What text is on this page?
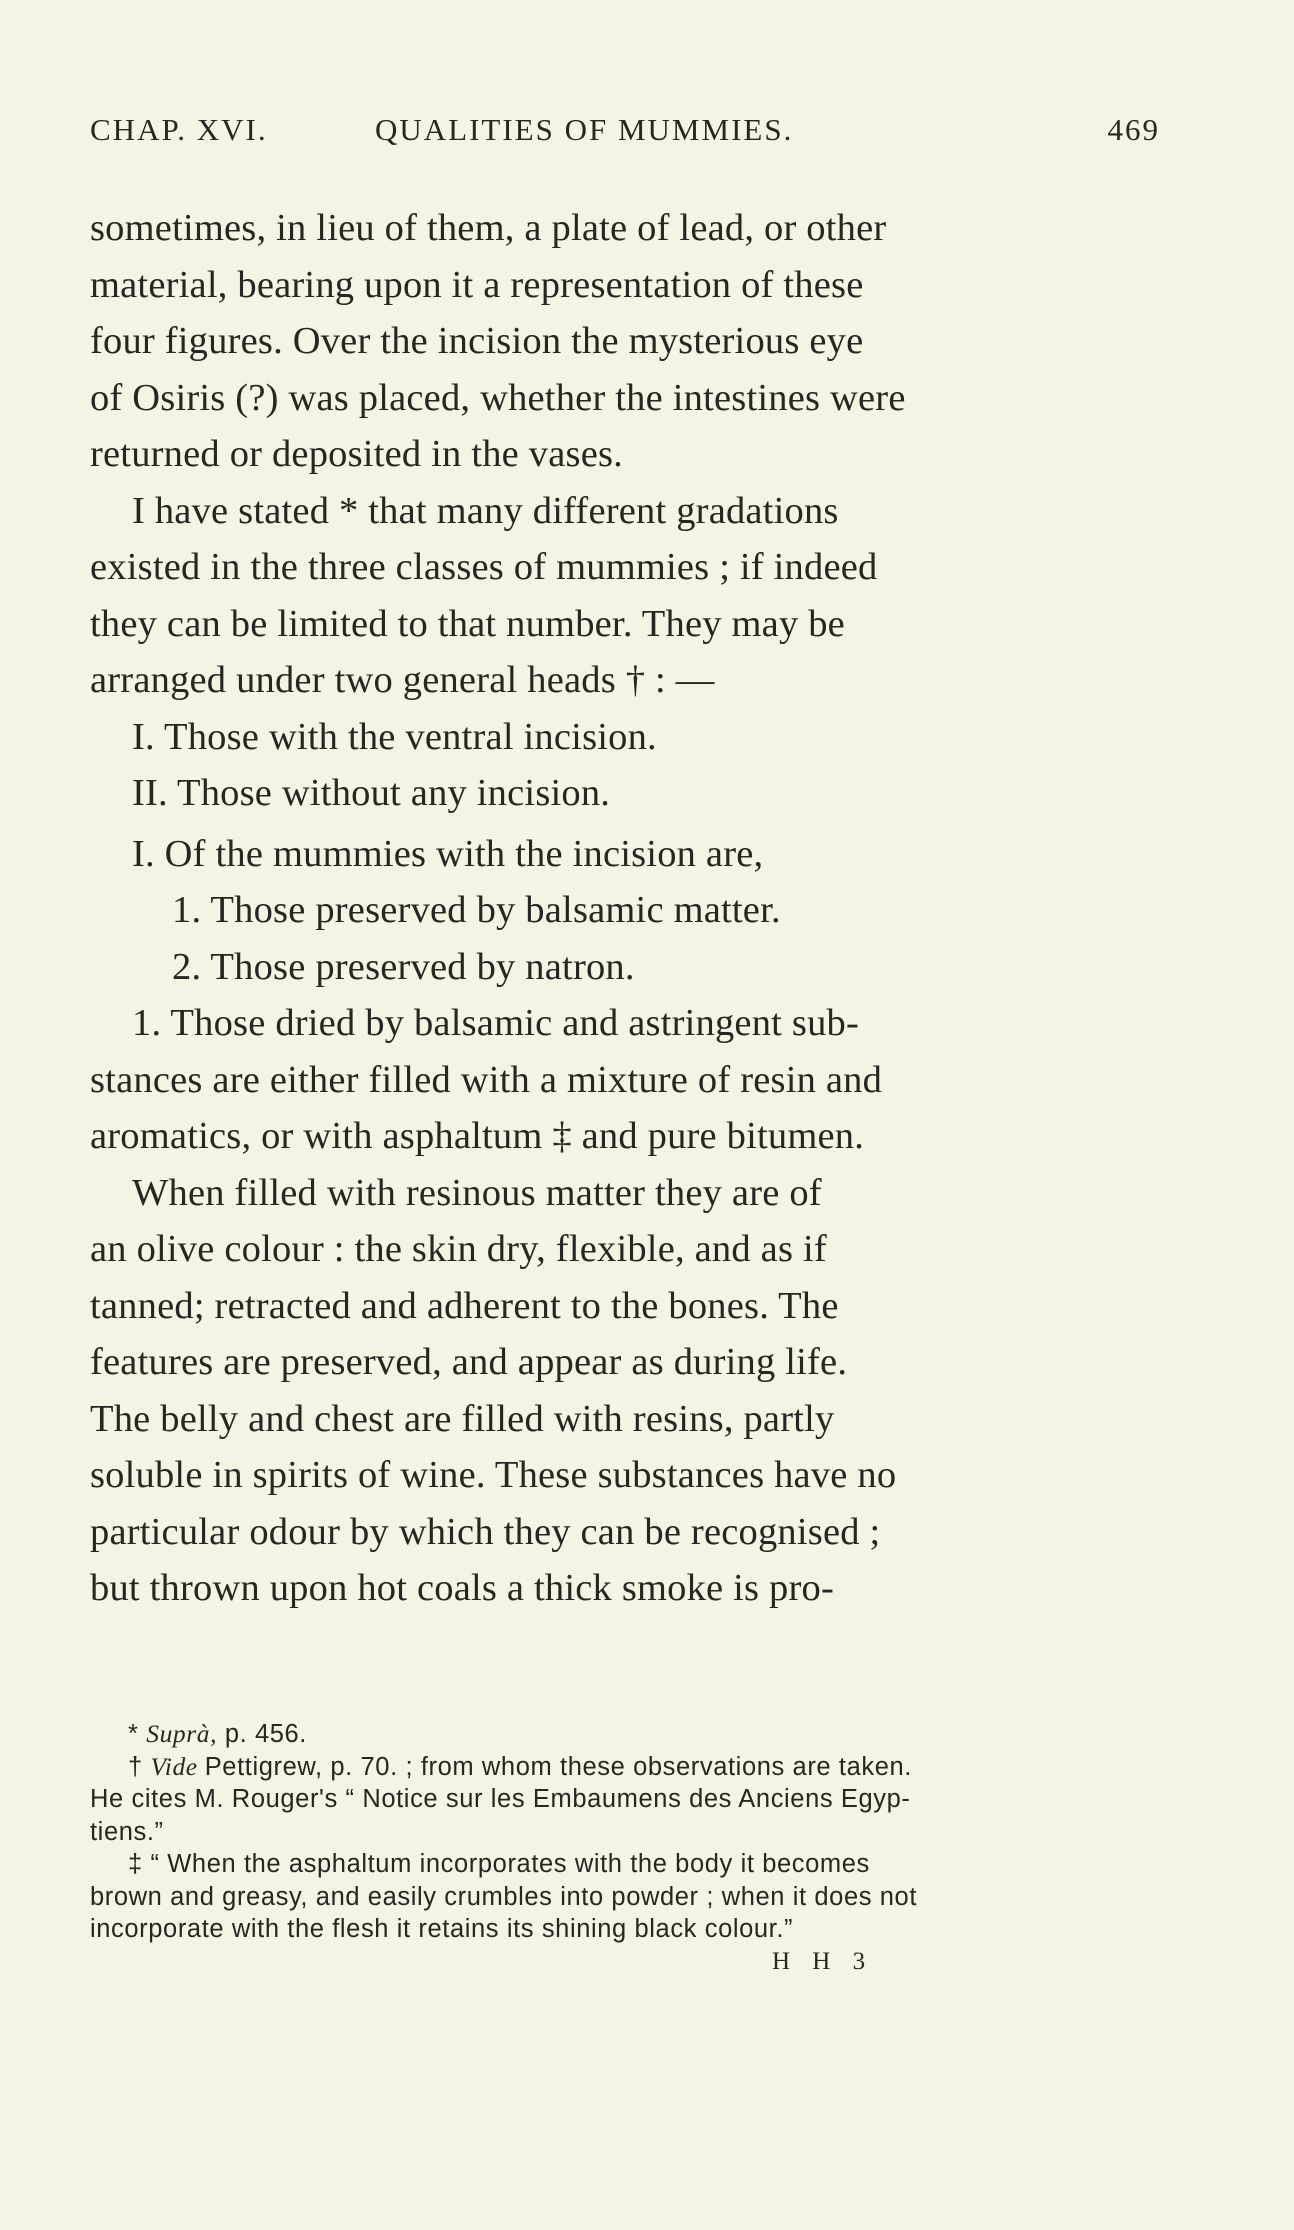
CHAP. XVI.	QUALITIES OF MUMMIES.	469
sometimes, in lieu of them, a plate of lead, or other
material, bearing upon it a representation of these
four figures. Over the incision the mysterious eye
of Osiris (?) was placed, whether the intestines were
returned or deposited in the vases.
I have stated * that many different gradations
existed in the three classes of mummies ; if indeed
they can be limited to that number. They may be
arranged under two general heads † : —
I. Those with the ventral incision.
II. Those without any incision.
I. Of the mummies with the incision are,
1. Those preserved by balsamic matter.
2. Those preserved by natron.
1. Those dried by balsamic and astringent sub-
stances are either filled with a mixture of resin and
aromatics, or with asphaltum ‡ and pure bitumen.
When filled with resinous matter they are of
an olive colour : the skin dry, flexible, and as if
tanned; retracted and adherent to the bones. The
features are preserved, and appear as during life.
The belly and chest are filled with resins, partly
soluble in spirits of wine. These substances have no
particular odour by which they can be recognised ;
but thrown upon hot coals a thick smoke is pro-
* Suprà, p. 456.
† Vide Pettigrew, p. 70. ; from whom these observations are taken.
He cites M. Rouger's “ Notice sur les Embaumens des Anciens Egyp-
tiens.”
‡ “ When the asphaltum incorporates with the body it becomes
brown and greasy, and easily crumbles into powder ; when it does not
incorporate with the flesh it retains its shining black colour.”
H H 3
